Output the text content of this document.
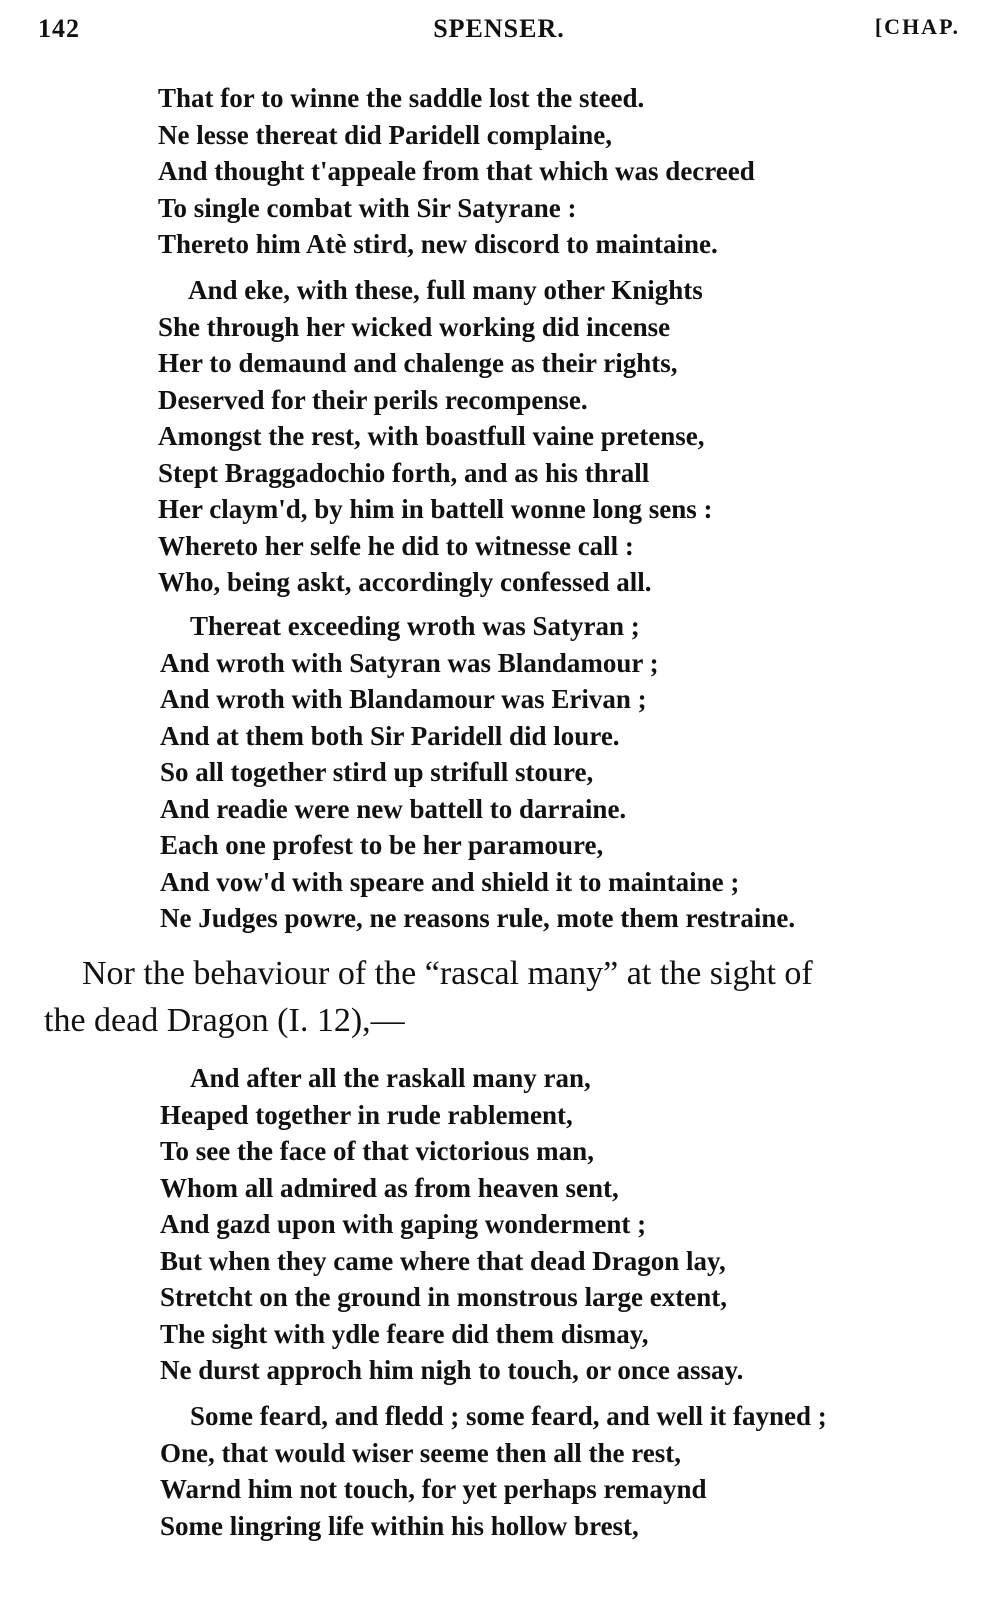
142	SPENSER.	[CHAP.
That for to winne the saddle lost the steed.
Ne lesse thereat did Paridell complaine,
And thought t'appeale from that which was decreed
To single combat with Sir Satyrane :
Thereto him Atè stird, new discord to maintaine.
And eke, with these, full many other Knights
She through her wicked working did incense
Her to demaund and chalenge as their rights,
Deserved for their perils recompense.
Amongst the rest, with boastfull vaine pretense,
Stept Braggadochio forth, and as his thrall
Her claym'd, by him in battell wonne long sens :
Whereto her selfe he did to witnesse call :
Who, being askt, accordingly confessed all.
Thereat exceeding wroth was Satyran ;
And wroth with Satyran was Blandamour ;
And wroth with Blandamour was Erivan ;
And at them both Sir Paridell did loure.
So all together stird up strifull stoure,
And readie were new battell to darraine.
Each one profest to be her paramoure,
And vow'd with speare and shield it to maintaine ;
Ne Judges powre, ne reasons rule, mote them restraine.
Nor the behaviour of the “rascal many” at the sight of
the dead Dragon (I. 12),—
And after all the raskall many ran,
Heaped together in rude rablement,
To see the face of that victorious man,
Whom all admired as from heaven sent,
And gazd upon with gaping wonderment ;
But when they came where that dead Dragon lay,
Stretcht on the ground in monstrous large extent,
The sight with ydle feare did them dismay,
Ne durst approch him nigh to touch, or once assay.
Some feard, and fledd ; some feard, and well it fayned ;
One, that would wiser seeme then all the rest,
Warnd him not touch, for yet perhaps remaynd
Some lingring life within his hollow brest,
